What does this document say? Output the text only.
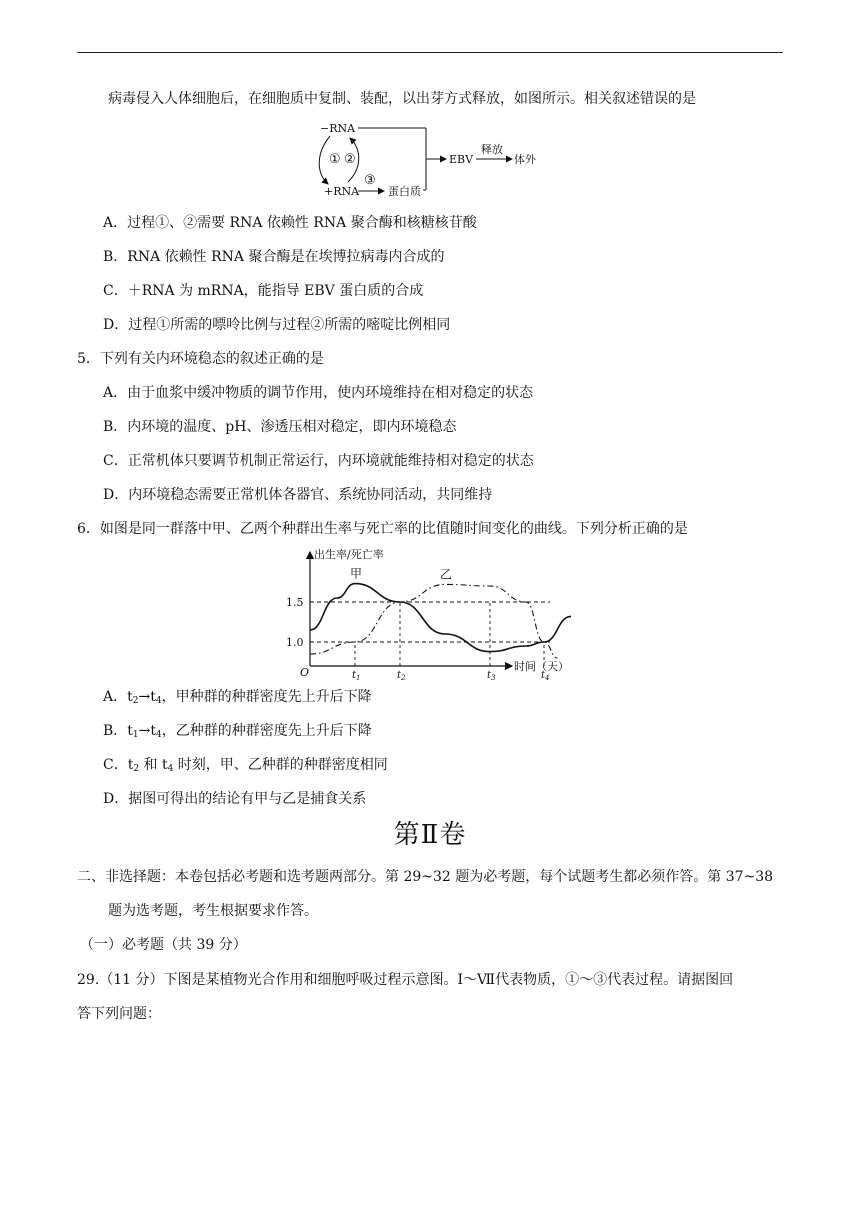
病毒侵入人体细胞后，在细胞质中复制、装配，以出芽方式释放，如图所示。相关叙述错误的是
−RNA
+RNA
① ②
③
蛋白质
EBV
释放
体外
A．过程①、②需要 RNA 依赖性 RNA 聚合酶和核糖核苷酸
B．RNA 依赖性 RNA 聚合酶是在埃博拉病毒内合成的
C．＋RNA 为 mRNA，能指导 EBV 蛋白质的合成
D．过程①所需的嘌呤比例与过程②所需的嘧啶比例相同
5．下列有关内环境稳态的叙述正确的是
A．由于血浆中缓冲物质的调节作用，使内环境维持在相对稳定的状态
B．内环境的温度、pH、渗透压相对稳定，即内环境稳态
C．正常机体只要调节机制正常运行，内环境就能维持相对稳定的状态
D．内环境稳态需要正常机体各器官、系统协同活动，共同维持
6．如图是同一群落中甲、乙两个种群出生率与死亡率的比值随时间变化的曲线。下列分析正确的是
出生率/死亡率
时间（天）
O
1.0
1.5
$t_1$	$t_2$	$t_3$	$t_4$
甲	乙
A．$t_2\to t_4$，甲种群的种群密度先上升后下降
B．$t_1\to t_4$，乙种群的种群密度先上升后下降
C．$t_2$ 和 $t_4$ 时刻，甲、乙种群的种群密度相同
D．据图可得出的结论有甲与乙是捕食关系
第Ⅱ卷
二、非选择题：本卷包括必考题和选考题两部分。第 29~32 题为必考题，每个试题考生都必须作答。第 37~38
题为选考题，考生根据要求作答。
（一）必考题（共 39 分）
29.（11 分）下图是某植物光合作用和细胞呼吸过程示意图。Ⅰ～Ⅶ代表物质，①～③代表过程。请据图回
答下列问题：
